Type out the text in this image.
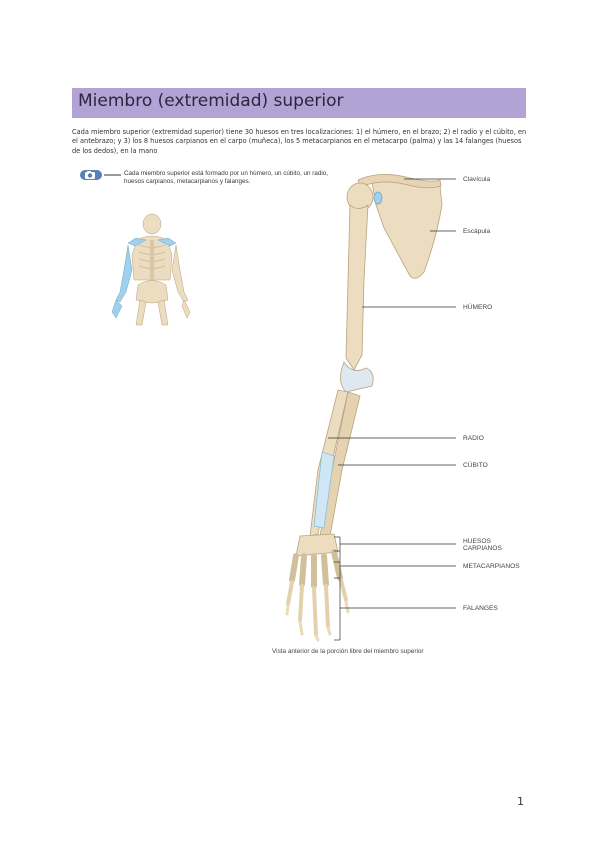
Miembro (extremidad) superior
Cada miembro superior (extremidad superior) tiene 30 huesos en tres localizaciones: 1) el húmero, en el brazo; 2) el radio y el cúbito, en el antebrazo; y 3) los 8 huesos carpianos en el carpo (muñeca), los 5 metacarpianos en el metacarpo (palma) y las 14 falanges (huesos de los dedos), en la mano
Cada miembro superior está formado por un húmero, un cúbito, un radio, huesos carpianos, metacarpianos y falanges.	Clavícula
Escápula
HÚMERO
RADIO
CÚBITO
HUESOS CARPIANOS
METACARPIANOS
FALANGES
Vista anterior de la porción libre del miembro superior
1
